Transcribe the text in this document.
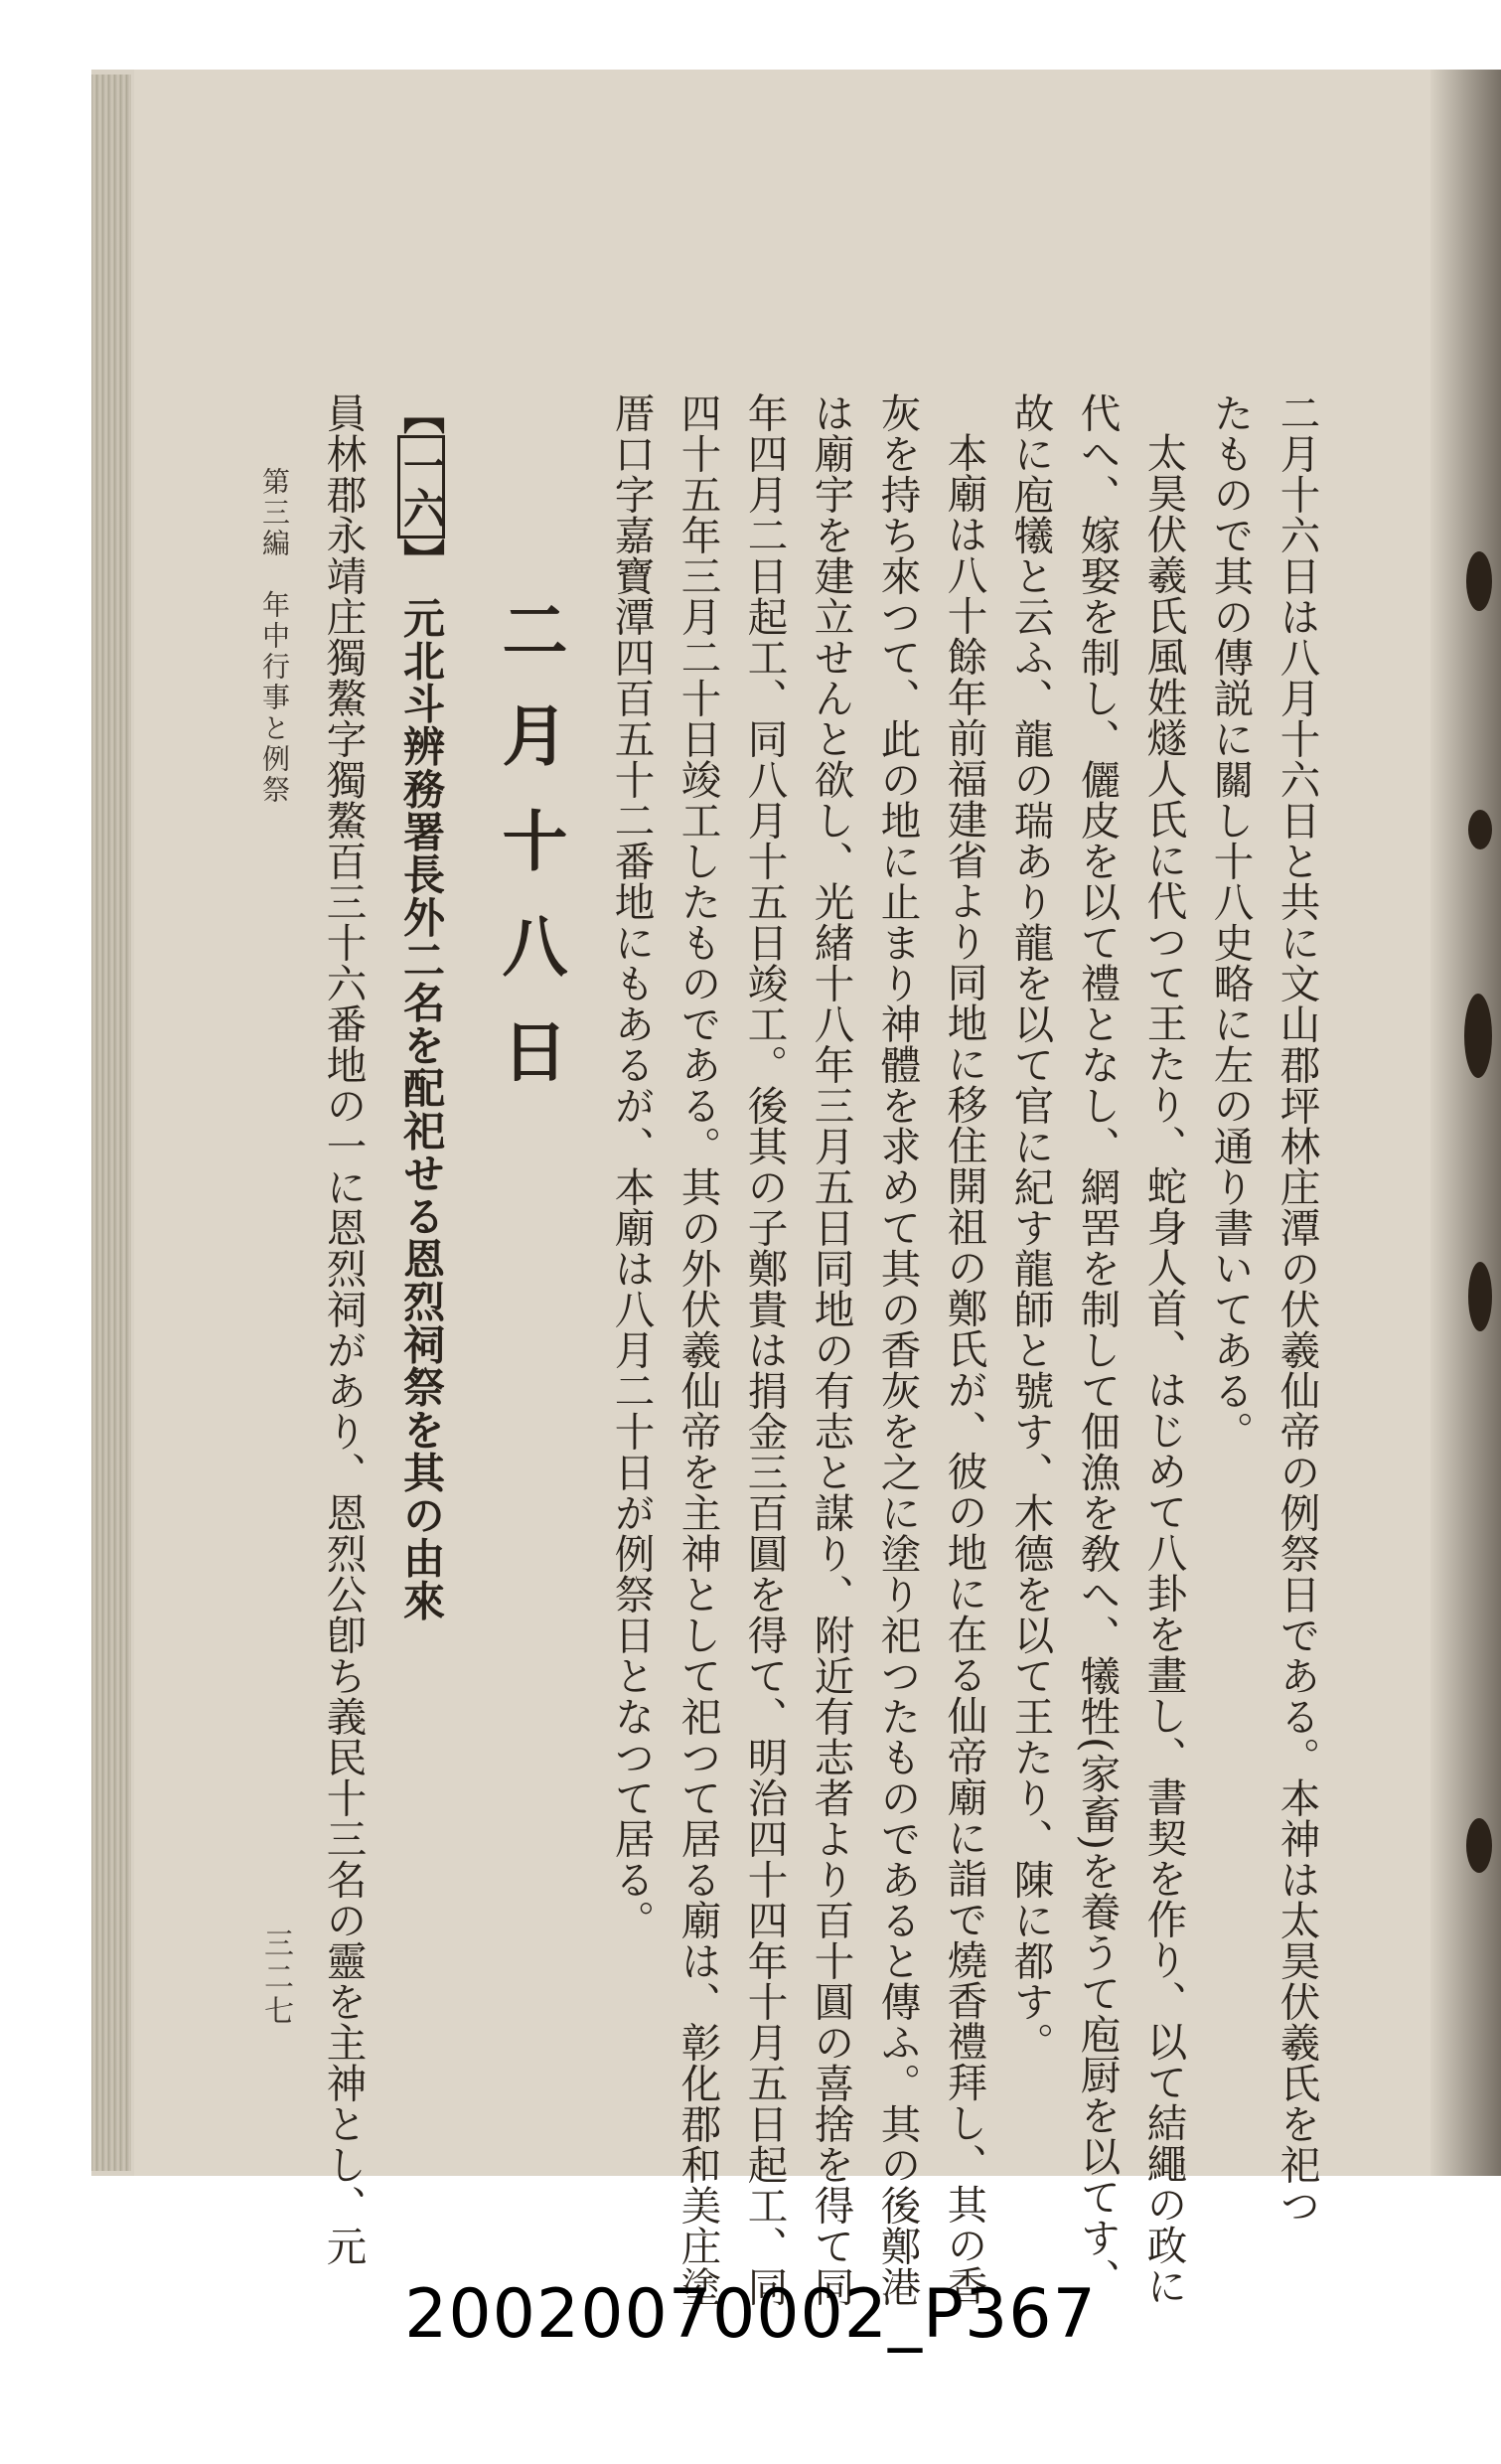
二月十六日は八月十六日と共に文山郡坪林庄潭の伏羲仙帝の例祭日である。本神は太昊伏羲氏を祀つ
たもので其の傳説に關し十八史略に左の通り書いてある。
太昊伏羲氏風姓燧人氏に代つて王たり、蛇身人首、はじめて八卦を畫し、書契を作り、以て結繩の政に
代へ、嫁娶を制し、儷皮を以て禮となし、網罟を制して佃漁を敎へ、犧牲(家畜)を養うて庖厨を以てす、
故に庖犧と云ふ、龍の瑞あり龍を以て官に紀す龍師と號す、木德を以て王たり、陳に都す。
本廟は八十餘年前福建省より同地に移住開祖の鄭氏が、彼の地に在る仙帝廟に詣で燒香禮拜し、其の香
灰を持ち來つて、此の地に止まり神體を求めて其の香灰を之に塗り祀つたものであると傳ふ。其の後鄭港
は廟宇を建立せんと欲し、光緒十八年三月五日同地の有志と謀り、附近有志者より百十圓の喜捨を得て同
年四月二日起工、同八月十五日竣工。後其の子鄭貴は捐金三百圓を得て、明治四十四年十月五日起工、同
四十五年三月二十日竣工したものである。其の外伏羲仙帝を主神として祀つて居る廟は、彰化郡和美庄塗
厝口字嘉寶潭四百五十二番地にもあるが、本廟は八月二十日が例祭日となつて居る。
二月十八日
【一六】 元北斗辨務署長外二名を配祀せる恩烈祠祭を其の由來
員林郡永靖庄獨鰲字獨鰲百三十六番地の一に恩烈祠があり、恩烈公卽ち義民十三名の靈を主神とし、元
第三編　年中行事と例祭
三二七
20020070002_P367
